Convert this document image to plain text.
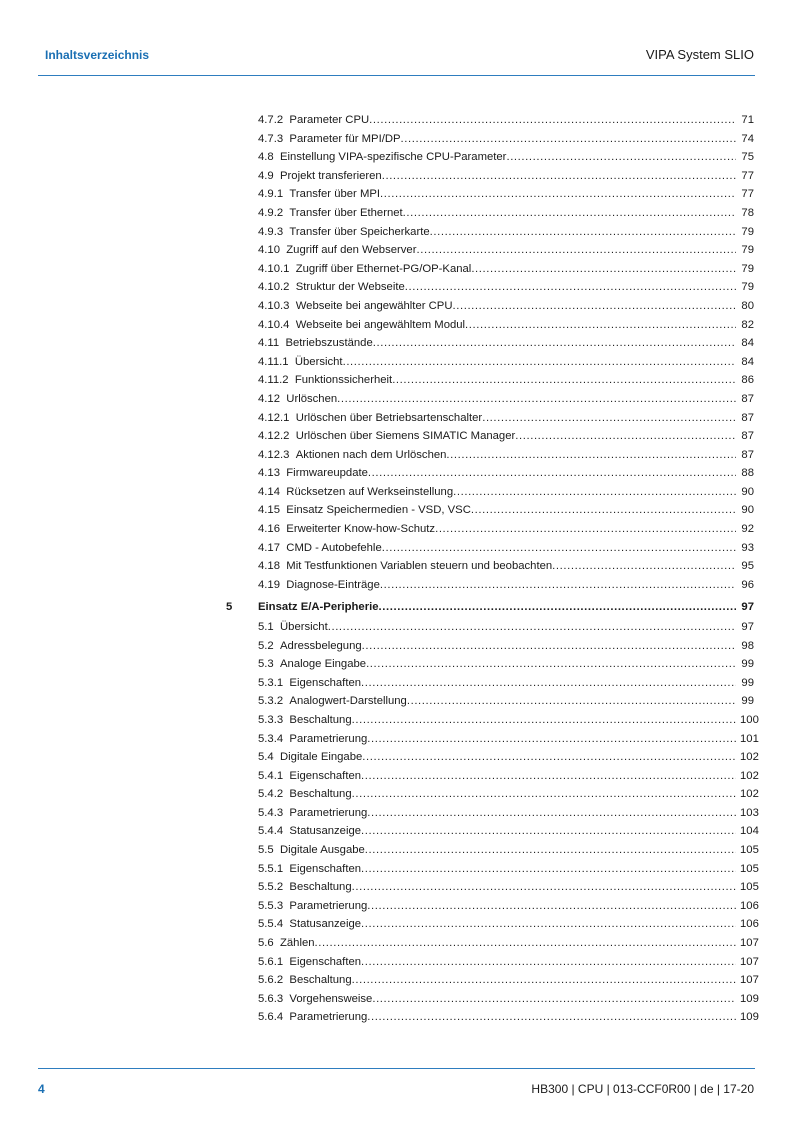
Inhaltsverzeichnis	VIPA System SLIO
4.7.2 Parameter CPU .....	71
4.7.3 Parameter für MPI/DP .....	74
4.8 Einstellung VIPA-spezifische CPU-Parameter .....	75
4.9 Projekt transferieren .....	77
4.9.1 Transfer über MPI .....	77
4.9.2 Transfer über Ethernet .....	78
4.9.3 Transfer über Speicherkarte .....	79
4.10 Zugriff auf den Webserver .....	79
4.10.1 Zugriff über Ethernet-PG/OP-Kanal .....	79
4.10.2 Struktur der Webseite .....	79
4.10.3 Webseite bei angewählter CPU .....	80
4.10.4 Webseite bei angewähltem Modul .....	82
4.11 Betriebszustände .....	84
4.11.1 Übersicht .....	84
4.11.2 Funktionssicherheit .....	86
4.12 Urlöschen .....	87
4.12.1 Urlöschen über Betriebsartenschalter .....	87
4.12.2 Urlöschen über Siemens SIMATIC Manager .....	87
4.12.3 Aktionen nach dem Urlöschen .....	87
4.13 Firmwareupdate .....	88
4.14 Rücksetzen auf Werkseinstellung .....	90
4.15 Einsatz Speichermedien - VSD, VSC .....	90
4.16 Erweiterter Know-how-Schutz .....	92
4.17 CMD - Autobefehle .....	93
4.18 Mit Testfunktionen Variablen steuern und beobachten .....	95
4.19 Diagnose-Einträge .....	96
5 Einsatz E/A-Peripherie .....	97
5.1 Übersicht .....	97
5.2 Adressbelegung .....	98
5.3 Analoge Eingabe .....	99
5.3.1 Eigenschaften .....	99
5.3.2 Analogwert-Darstellung .....	99
5.3.3 Beschaltung .....	100
5.3.4 Parametrierung .....	101
5.4 Digitale Eingabe .....	102
5.4.1 Eigenschaften .....	102
5.4.2 Beschaltung .....	102
5.4.3 Parametrierung .....	103
5.4.4 Statusanzeige .....	104
5.5 Digitale Ausgabe .....	105
5.5.1 Eigenschaften .....	105
5.5.2 Beschaltung .....	105
5.5.3 Parametrierung .....	106
5.5.4 Statusanzeige .....	106
5.6 Zählen .....	107
5.6.1 Eigenschaften .....	107
5.6.2 Beschaltung .....	107
5.6.3 Vorgehensweise .....	109
5.6.4 Parametrierung .....	109
4	HB300 | CPU | 013-CCF0R00 | de | 17-20
